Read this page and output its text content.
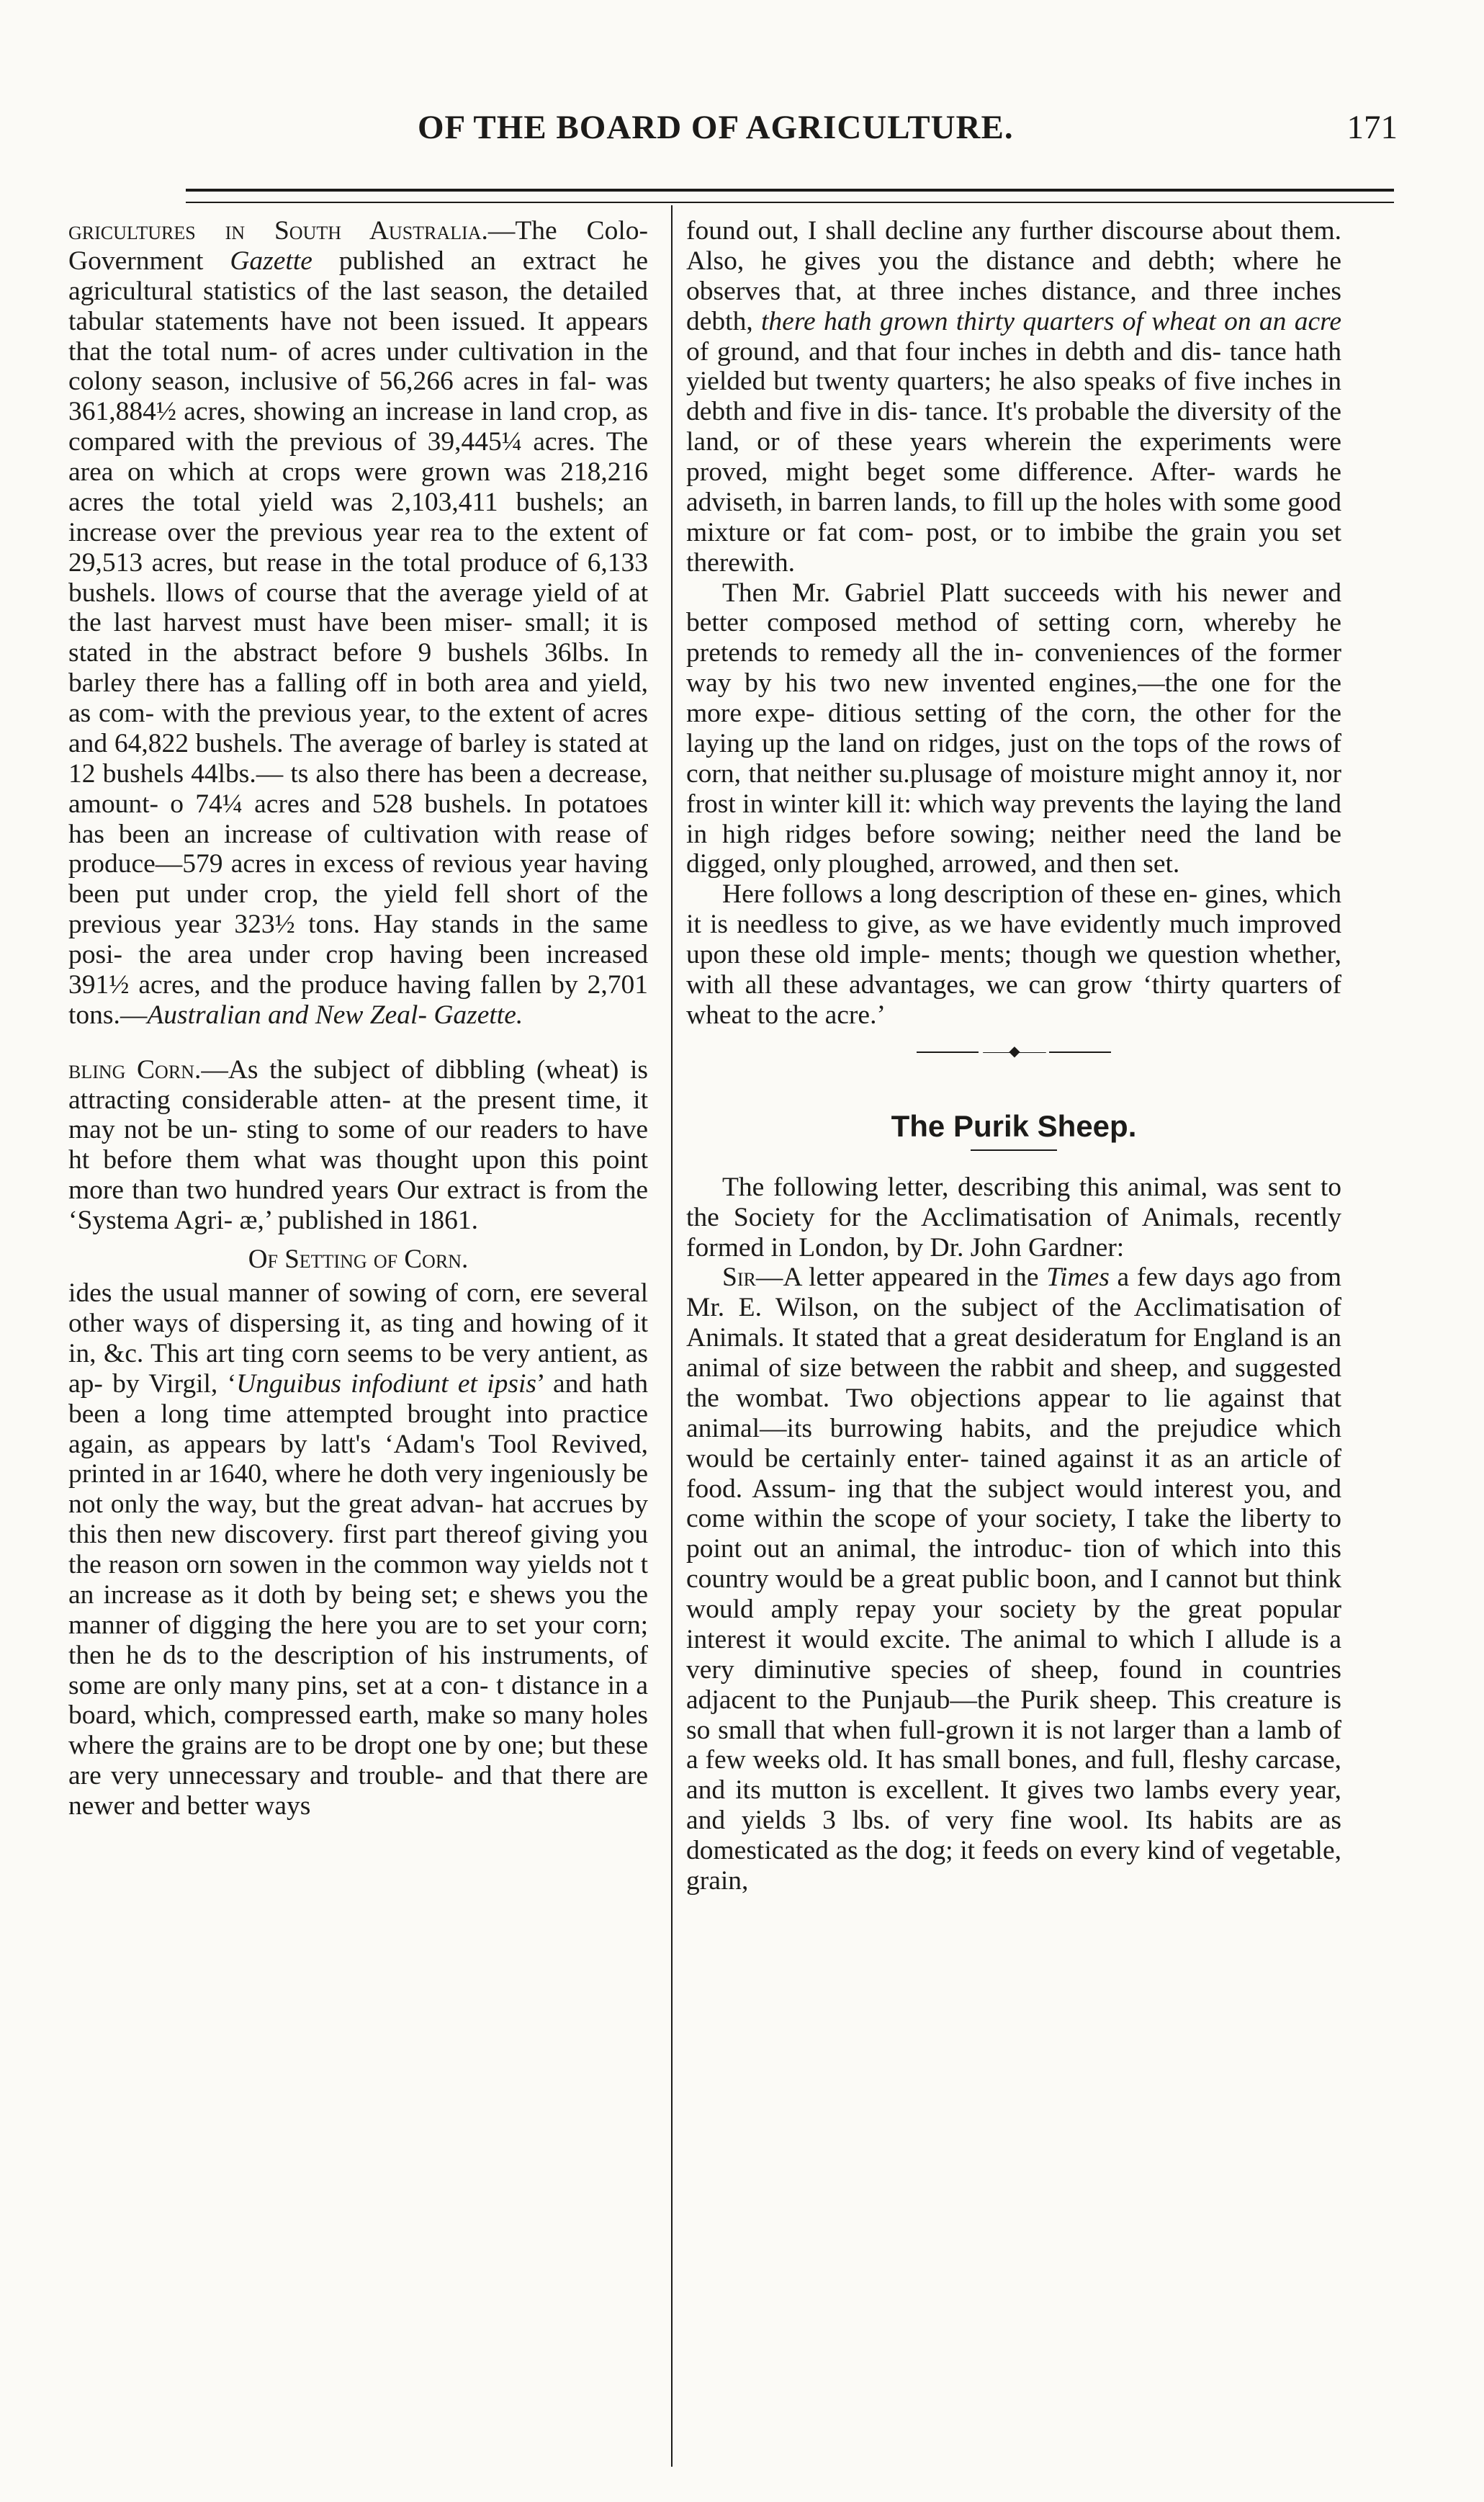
OF THE BOARD OF AGRICULTURE.	171

gricultures in South Australia.—The Colo- Government Gazette published an extract he agricultural statistics of the last season, the detailed tabular statements have not been issued. It appears that the total num- of acres under cultivation in the colony season, inclusive of 56,266 acres in fal- was 361,884½ acres, showing an increase in land crop, as compared with the previous of 39,445¼ acres. The area on which at crops were grown was 218,216 acres the total yield was 2,103,411 bushels; an increase over the previous year rea to the extent of 29,513 acres, but rease in the total produce of 6,133 bushels. llows of course that the average yield of at the last harvest must have been miser- small; it is stated in the abstract before 9 bushels 36lbs. In barley there has a falling off in both area and yield, as com- with the previous year, to the extent of acres and 64,822 bushels. The average of barley is stated at 12 bushels 44lbs.— ts also there has been a decrease, amount- o 74¼ acres and 528 bushels. In potatoes has been an increase of cultivation with rease of produce—579 acres in excess of revious year having been put under crop, the yield fell short of the previous year 323½ tons. Hay stands in the same posi- the area under crop having been increased 391½ acres, and the produce having fallen by 2,701 tons.—Australian and New Zeal- Gazette.

bling Corn.—As the subject of dibbling (wheat) is attracting considerable atten- at the present time, it may not be un- sting to some of our readers to have ht before them what was thought upon this point more than two hundred years Our extract is from the ‘Systema Agri- æ,’ published in 1861.

Of Setting of Corn.

ides the usual manner of sowing of corn, ere several other ways of dispersing it, as ting and howing of it in, &c. This art ting corn seems to be very antient, as ap- by Virgil, ‘Unguibus infodiunt et ipsis’ and hath been a long time attempted brought into practice again, as appears by latt's ‘Adam's Tool Revived, printed in ar 1640, where he doth very ingeniously be not only the way, but the great advan- hat accrues by this then new discovery. first part thereof giving you the reason orn sowen in the common way yields not t an increase as it doth by being set; e shews you the manner of digging the here you are to set your corn; then he ds to the description of his instruments, of some are only many pins, set at a con- t distance in a board, which, compressed earth, make so many holes where the grains are to be dropt one by one; but these are very unnecessary and trouble- and that there are newer and better ways

found out, I shall decline any further discourse about them. Also, he gives you the distance and debth; where he observes that, at three inches distance, and three inches debth, there hath grown thirty quarters of wheat on an acre of ground, and that four inches in debth and dis- tance hath yielded but twenty quarters; he also speaks of five inches in debth and five in dis- tance. It's probable the diversity of the land, or of these years wherein the experiments were proved, might beget some difference. After- wards he adviseth, in barren lands, to fill up the holes with some good mixture or fat com- post, or to imbibe the grain you set therewith.

Then Mr. Gabriel Platt succeeds with his newer and better composed method of setting corn, whereby he pretends to remedy all the in- conveniences of the former way by his two new invented engines,—the one for the more expe- ditious setting of the corn, the other for the laying up the land on ridges, just on the tops of the rows of corn, that neither su.plusage of moisture might annoy it, nor frost in winter kill it: which way prevents the laying the land in high ridges before sowing; neither need the land be digged, only ploughed, arrowed, and then set.

Here follows a long description of these en- gines, which it is needless to give, as we have evidently much improved upon these old imple- ments; though we question whether, with all these advantages, we can grow ‘thirty quarters of wheat to the acre.’

——◆——
The Purik Sheep.

The following letter, describing this animal, was sent to the Society for the Acclimatisation of Animals, recently formed in London, by Dr. John Gardner:

Sir—A letter appeared in the Times a few days ago from Mr. E. Wilson, on the subject of the Acclimatisation of Animals. It stated that a great desideratum for England is an animal of size between the rabbit and sheep, and suggested the wombat. Two objections appear to lie against that animal—its burrowing habits, and the prejudice which would be certainly enter- tained against it as an article of food. Assum- ing that the subject would interest you, and come within the scope of your society, I take the liberty to point out an animal, the introduc- tion of which into this country would be a great public boon, and I cannot but think would amply repay your society by the great popular interest it would excite. The animal to which I allude is a very diminutive species of sheep, found in countries adjacent to the Punjaub—the Purik sheep. This creature is so small that when full-grown it is not larger than a lamb of a few weeks old. It has small bones, and full, fleshy carcase, and its mutton is excellent. It gives two lambs every year, and yields 3 lbs. of very fine wool. Its habits are as domesticated as the dog; it feeds on every kind of vegetable, grain,
